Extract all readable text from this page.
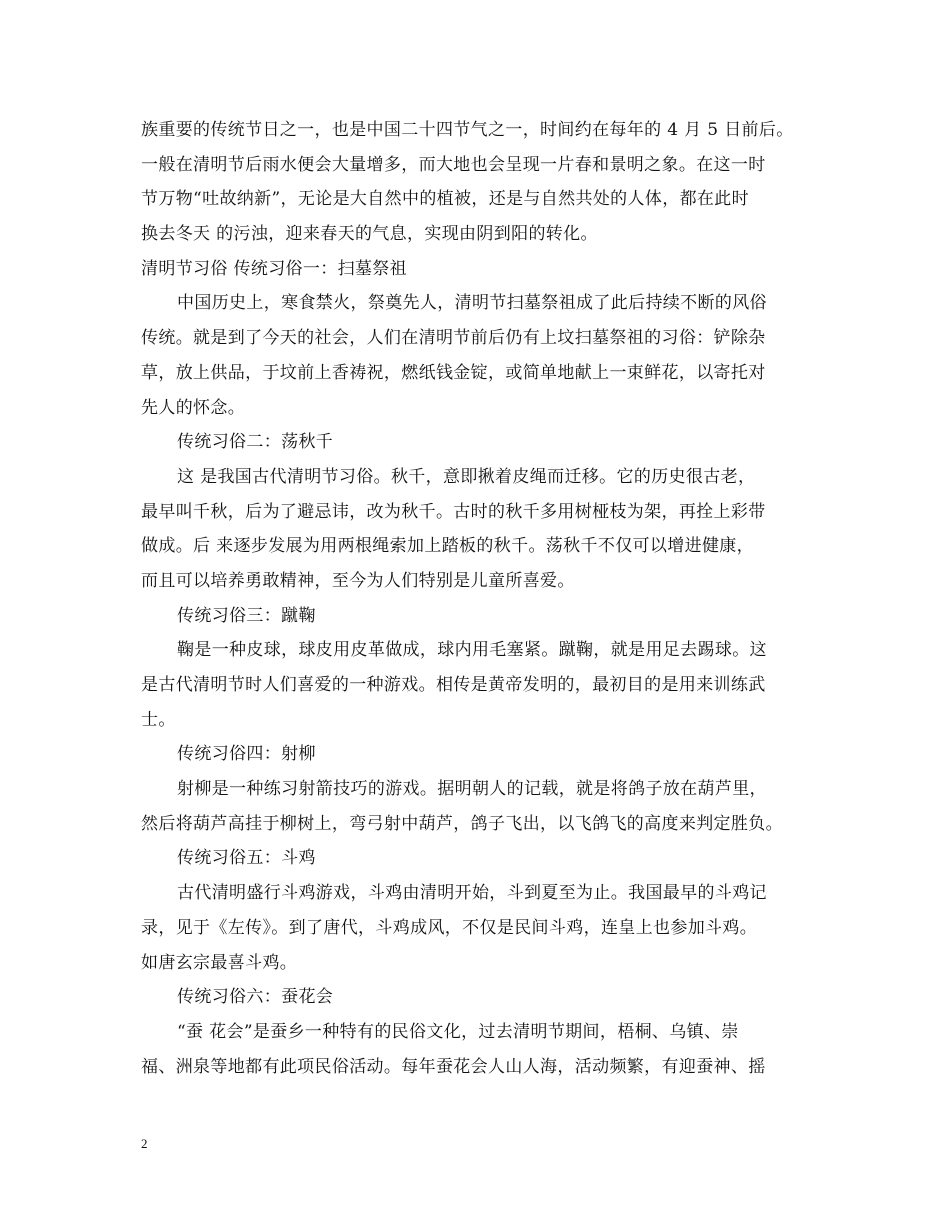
族重要的传统节日之一，也是中国二十四节气之一，时间约在每年的 4 月 5 日前后。
一般在清明节后雨水便会大量增多，而大地也会呈现一片春和景明之象。在这一时
节万物“吐故纳新”，无论是大自然中的植被，还是与自然共处的人体，都在此时
换去冬天 的污浊，迎来春天的气息，实现由阴到阳的转化。
清明节习俗 传统习俗一：扫墓祭祖
中国历史上，寒食禁火，祭奠先人，清明节扫墓祭祖成了此后持续不断的风俗
传统。就是到了今天的社会，人们在清明节前后仍有上坟扫墓祭祖的习俗：铲除杂
草，放上供品，于坟前上香祷祝，燃纸钱金锭，或简单地献上一束鲜花，以寄托对
先人的怀念。
传统习俗二：荡秋千
这 是我国古代清明节习俗。秋千，意即揪着皮绳而迁移。它的历史很古老，
最早叫千秋，后为了避忌讳，改为秋千。古时的秋千多用树桠枝为架，再拴上彩带
做成。后 来逐步发展为用两根绳索加上踏板的秋千。荡秋千不仅可以增进健康，
而且可以培养勇敢精神，至今为人们特别是儿童所喜爱。
传统习俗三：蹴鞠
鞠是一种皮球，球皮用皮革做成，球内用毛塞紧。蹴鞠，就是用足去踢球。这
是古代清明节时人们喜爱的一种游戏。相传是黄帝发明的，最初目的是用来训练武
士。
传统习俗四：射柳
射柳是一种练习射箭技巧的游戏。据明朝人的记载，就是将鸽子放在葫芦里，
然后将葫芦高挂于柳树上，弯弓射中葫芦，鸽子飞出，以飞鸽飞的高度来判定胜负。
传统习俗五：斗鸡
古代清明盛行斗鸡游戏，斗鸡由清明开始，斗到夏至为止。我国最早的斗鸡记
录，见于《左传》。到了唐代，斗鸡成风，不仅是民间斗鸡，连皇上也参加斗鸡。
如唐玄宗最喜斗鸡。
传统习俗六：蚕花会
“蚕 花会”是蚕乡一种特有的民俗文化，过去清明节期间，梧桐、乌镇、崇
福、洲泉等地都有此项民俗活动。每年蚕花会人山人海，活动频繁，有迎蚕神、摇
2
